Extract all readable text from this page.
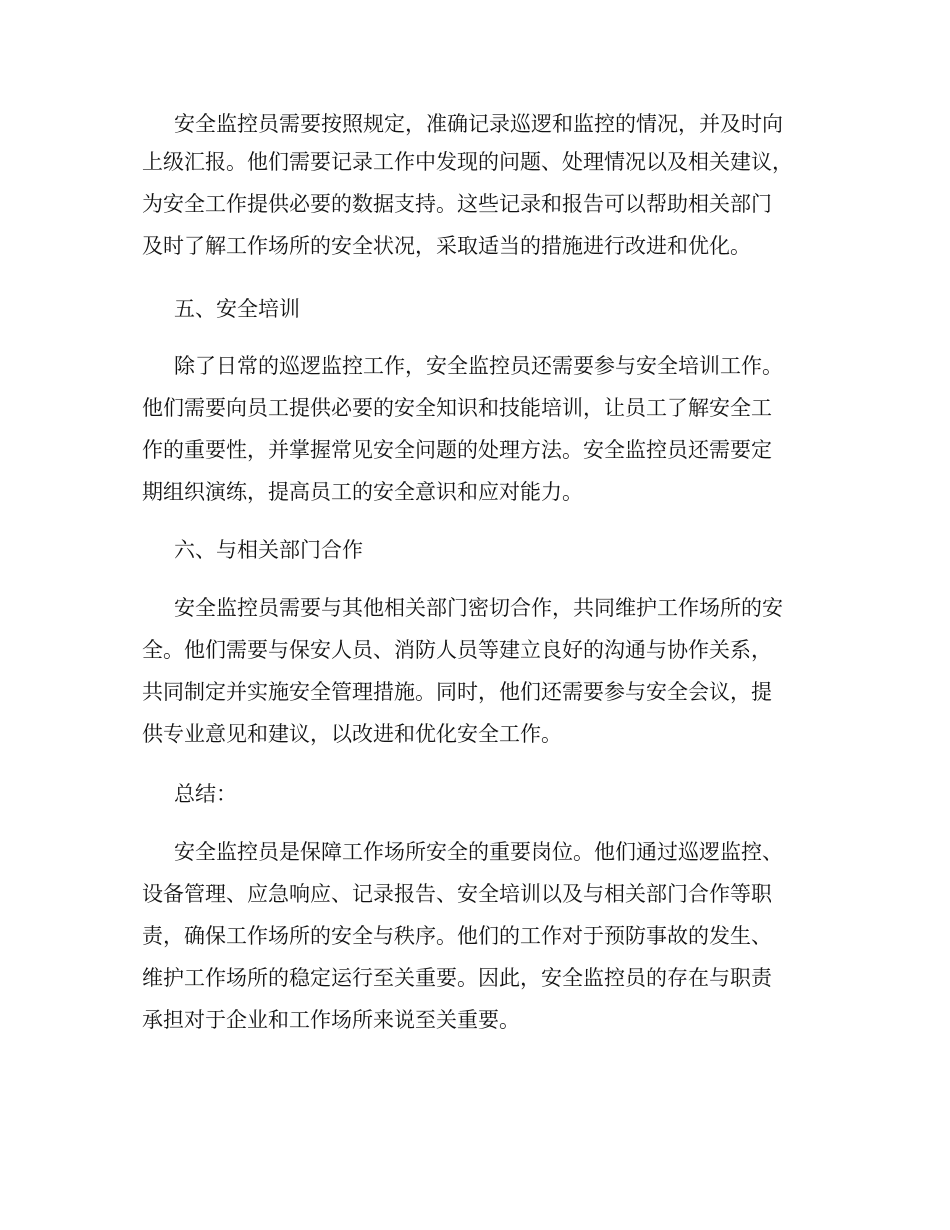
安全监控员需要按照规定，准确记录巡逻和监控的情况，并及时向
上级汇报。他们需要记录工作中发现的问题、处理情况以及相关建议，
为安全工作提供必要的数据支持。这些记录和报告可以帮助相关部门
及时了解工作场所的安全状况，采取适当的措施进行改进和优化。
五、安全培训
除了日常的巡逻监控工作，安全监控员还需要参与安全培训工作。
他们需要向员工提供必要的安全知识和技能培训，让员工了解安全工
作的重要性，并掌握常见安全问题的处理方法。安全监控员还需要定
期组织演练，提高员工的安全意识和应对能力。
六、与相关部门合作
安全监控员需要与其他相关部门密切合作，共同维护工作场所的安
全。他们需要与保安人员、消防人员等建立良好的沟通与协作关系，
共同制定并实施安全管理措施。同时，他们还需要参与安全会议，提
供专业意见和建议，以改进和优化安全工作。
总结：
安全监控员是保障工作场所安全的重要岗位。他们通过巡逻监控、
设备管理、应急响应、记录报告、安全培训以及与相关部门合作等职
责，确保工作场所的安全与秩序。他们的工作对于预防事故的发生、
维护工作场所的稳定运行至关重要。因此，安全监控员的存在与职责
承担对于企业和工作场所来说至关重要。
